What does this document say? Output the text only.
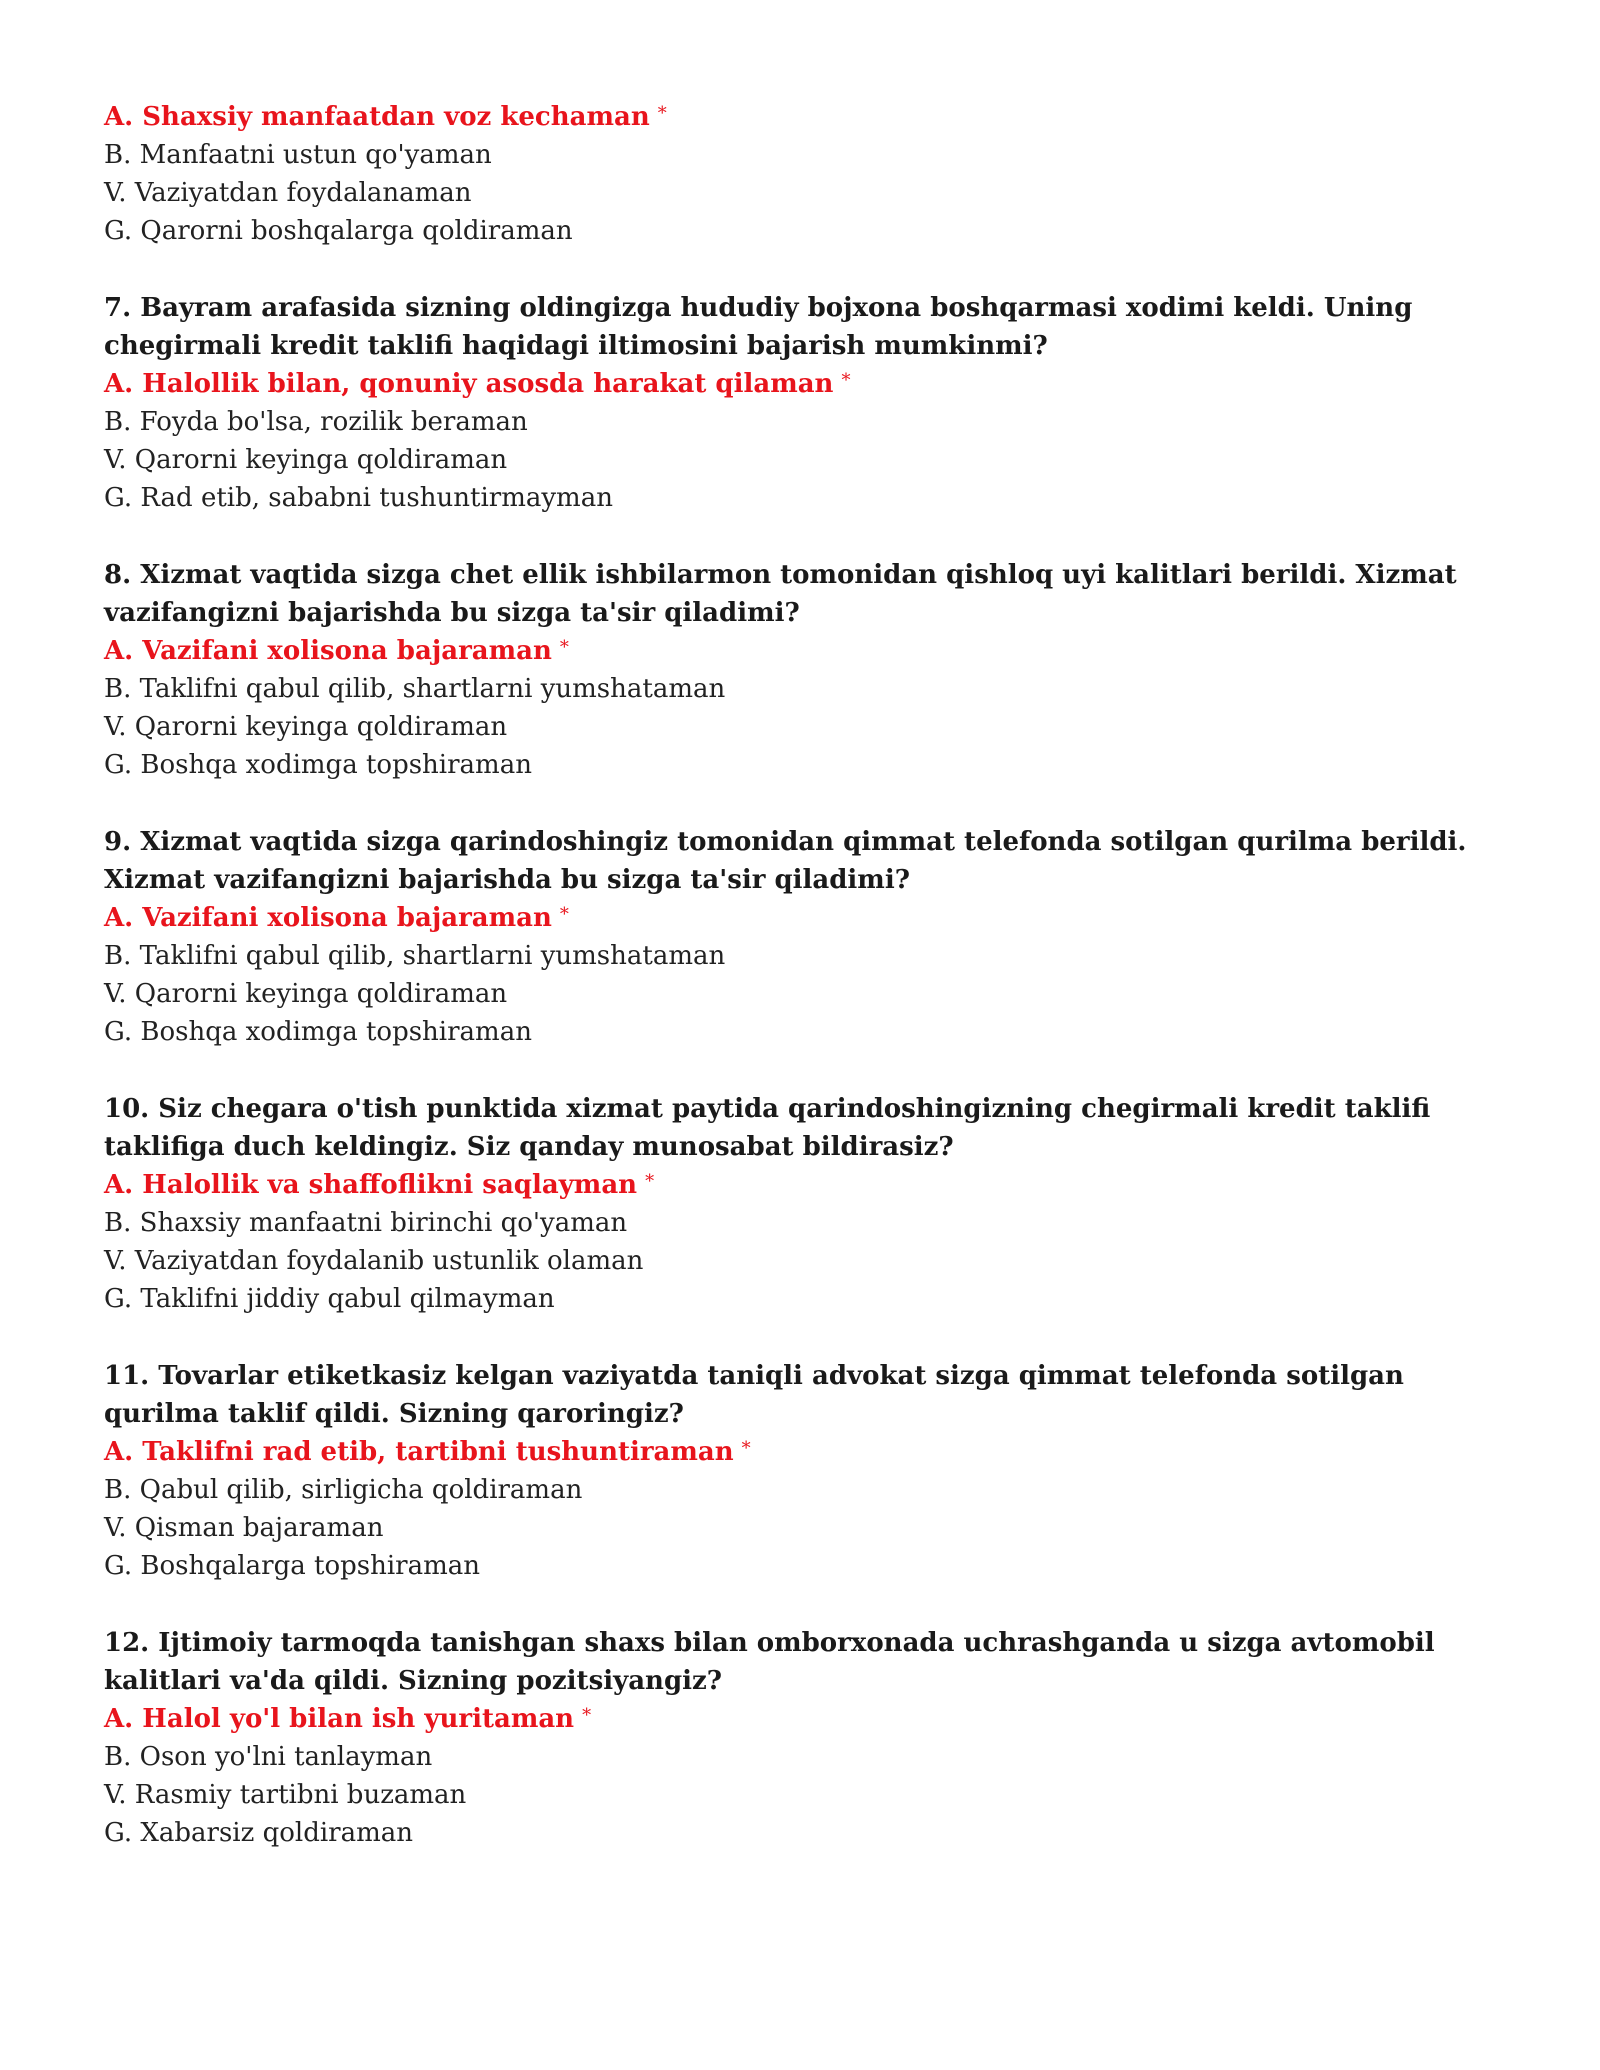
A. Shaxsiy manfaatdan voz kechaman *

B. Manfaatni ustun qo'yaman

V. Vaziyatdan foydalanaman

G. Qarorni boshqalarga qoldiraman

7. Bayram arafasida sizning oldingizga hududiy bojxona boshqarmasi xodimi keldi. Uning chegirmali kredit taklifi haqidagi iltimosini bajarish mumkinmi?

A. Halollik bilan, qonuniy asosda harakat qilaman *

B. Foyda bo'lsa, rozilik beraman

V. Qarorni keyinga qoldiraman

G. Rad etib, sababni tushuntirmayman

8. Xizmat vaqtida sizga chet ellik ishbilarmon tomonidan qishloq uyi kalitlari berildi. Xizmat vazifangizni bajarishda bu sizga ta'sir qiladimi?

A. Vazifani xolisona bajaraman *

B. Taklifni qabul qilib, shartlarni yumshataman

V. Qarorni keyinga qoldiraman

G. Boshqa xodimga topshiraman

9. Xizmat vaqtida sizga qarindoshingiz tomonidan qimmat telefonda sotilgan qurilma berildi. Xizmat vazifangizni bajarishda bu sizga ta'sir qiladimi?

A. Vazifani xolisona bajaraman *

B. Taklifni qabul qilib, shartlarni yumshataman

V. Qarorni keyinga qoldiraman

G. Boshqa xodimga topshiraman

10. Siz chegara o'tish punktida xizmat paytida qarindoshingizning chegirmali kredit taklifi taklifiga duch keldingiz. Siz qanday munosabat bildirasiz?

A. Halollik va shaffoflikni saqlayman *

B. Shaxsiy manfaatni birinchi qo'yaman

V. Vaziyatdan foydalanib ustunlik olaman

G. Taklifni jiddiy qabul qilmayman

11. Tovarlar etiketkasiz kelgan vaziyatda taniqli advokat sizga qimmat telefonda sotilgan qurilma taklif qildi. Sizning qaroringiz?

A. Taklifni rad etib, tartibni tushuntiraman *

B. Qabul qilib, sirligicha qoldiraman

V. Qisman bajaraman

G. Boshqalarga topshiraman

12. Ijtimoiy tarmoqda tanishgan shaxs bilan omborxonada uchrashganda u sizga avtomobil kalitlari va'da qildi. Sizning pozitsiyangiz?

A. Halol yo'l bilan ish yuritaman *

B. Oson yo'lni tanlayman

V. Rasmiy tartibni buzaman

G. Xabarsiz qoldiraman
